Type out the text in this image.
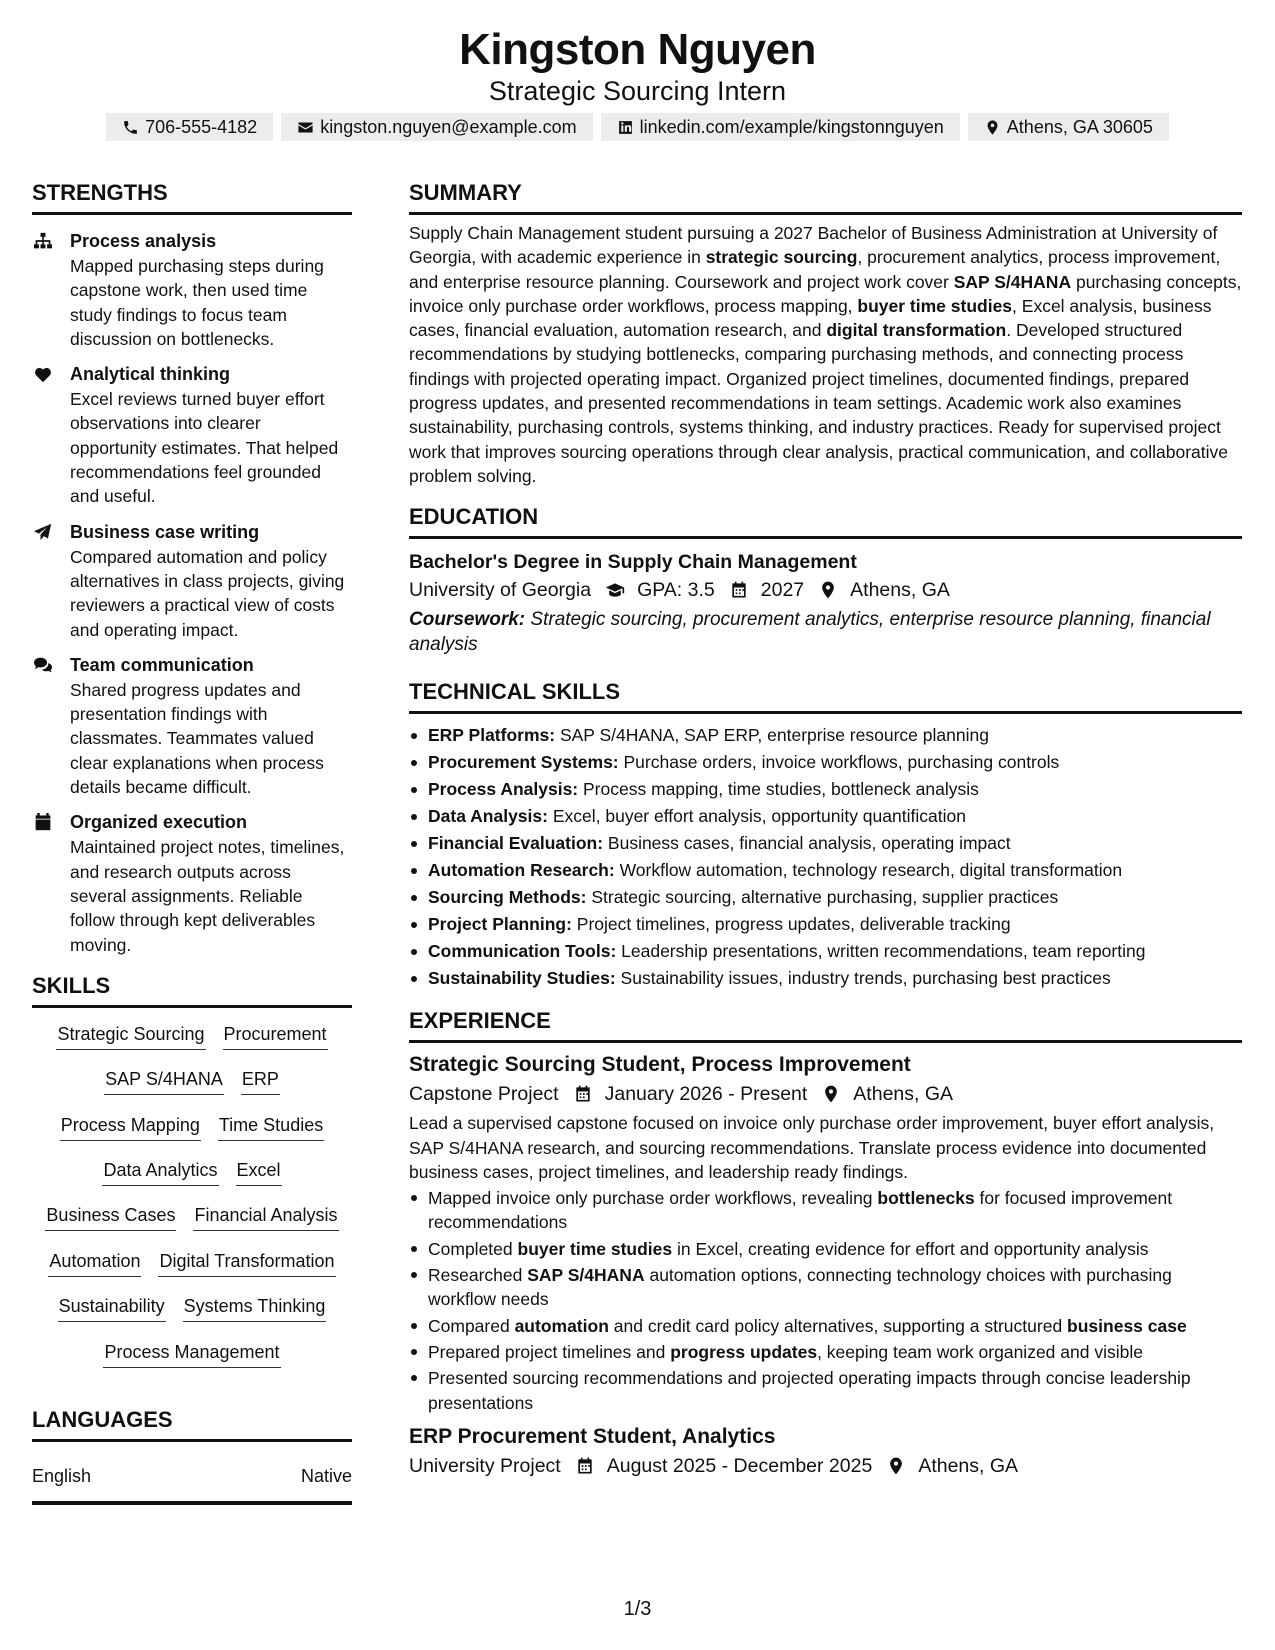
Kingston Nguyen
Strategic Sourcing Intern
706-555-4182	kingston.nguyen@example.com	linkedin.com/example/kingstonnguyen	Athens, GA 30605
STRENGTHS
Process analysis
Mapped purchasing steps during capstone work, then used time study findings to focus team discussion on bottlenecks.
Analytical thinking
Excel reviews turned buyer effort observations into clearer opportunity estimates. That helped recommendations feel grounded and useful.
Business case writing
Compared automation and policy alternatives in class projects, giving reviewers a practical view of costs and operating impact.
Team communication
Shared progress updates and presentation findings with classmates. Teammates valued clear explanations when process details became difficult.
Organized execution
Maintained project notes, timelines, and research outputs across several assignments. Reliable follow through kept deliverables moving.
SKILLS
Strategic Sourcing Procurement
SAP S/4HANA ERP
Process Mapping Time Studies
Data Analytics Excel
Business Cases Financial Analysis
Automation Digital Transformation
Sustainability Systems Thinking
Process Management
LANGUAGES
English	Native
SUMMARY

Supply Chain Management student pursuing a 2027 Bachelor of Business Administration at University of Georgia, with academic experience in strategic sourcing, procurement analytics, process improvement, and enterprise resource planning. Coursework and project work cover SAP S/4HANA purchasing concepts, invoice only purchase order workflows, process mapping, buyer time studies, Excel analysis, business cases, financial evaluation, automation research, and digital transformation. Developed structured recommendations by studying bottlenecks, comparing purchasing methods, and connecting process findings with projected operating impact. Organized project timelines, documented findings, prepared progress updates, and presented recommendations in team settings. Academic work also examines sustainability, purchasing controls, systems thinking, and industry practices. Ready for supervised project work that improves sourcing operations through clear analysis, practical communication, and collaborative problem solving.

EDUCATION
Bachelor's Degree in Supply Chain Management
University of Georgia GPA: 3.5 2027 Athens, GA
Coursework: Strategic sourcing, procurement analytics, enterprise resource planning, financial analysis
TECHNICAL SKILLS
ERP Platforms: SAP S/4HANA, SAP ERP, enterprise resource planning
Procurement Systems: Purchase orders, invoice workflows, purchasing controls
Process Analysis: Process mapping, time studies, bottleneck analysis
Data Analysis: Excel, buyer effort analysis, opportunity quantification
Financial Evaluation: Business cases, financial analysis, operating impact
Automation Research: Workflow automation, technology research, digital transformation
Sourcing Methods: Strategic sourcing, alternative purchasing, supplier practices
Project Planning: Project timelines, progress updates, deliverable tracking
Communication Tools: Leadership presentations, written recommendations, team reporting
Sustainability Studies: Sustainability issues, industry trends, purchasing best practices
EXPERIENCE
Strategic Sourcing Student, Process Improvement
Capstone Project January 2026 - Present Athens, GA

Lead a supervised capstone focused on invoice only purchase order improvement, buyer effort analysis, SAP S/4HANA research, and sourcing recommendations. Translate process evidence into documented business cases, project timelines, and leadership ready findings.

Mapped invoice only purchase order workflows, revealing bottlenecks for focused improvement recommendations
Completed buyer time studies in Excel, creating evidence for effort and opportunity analysis
Researched SAP S/4HANA automation options, connecting technology choices with purchasing workflow needs
Compared automation and credit card policy alternatives, supporting a structured business case
Prepared project timelines and progress updates, keeping team work organized and visible
Presented sourcing recommendations and projected operating impacts through concise leadership presentations
ERP Procurement Student, Analytics
University Project August 2025 - December 2025 Athens, GA
1/3
